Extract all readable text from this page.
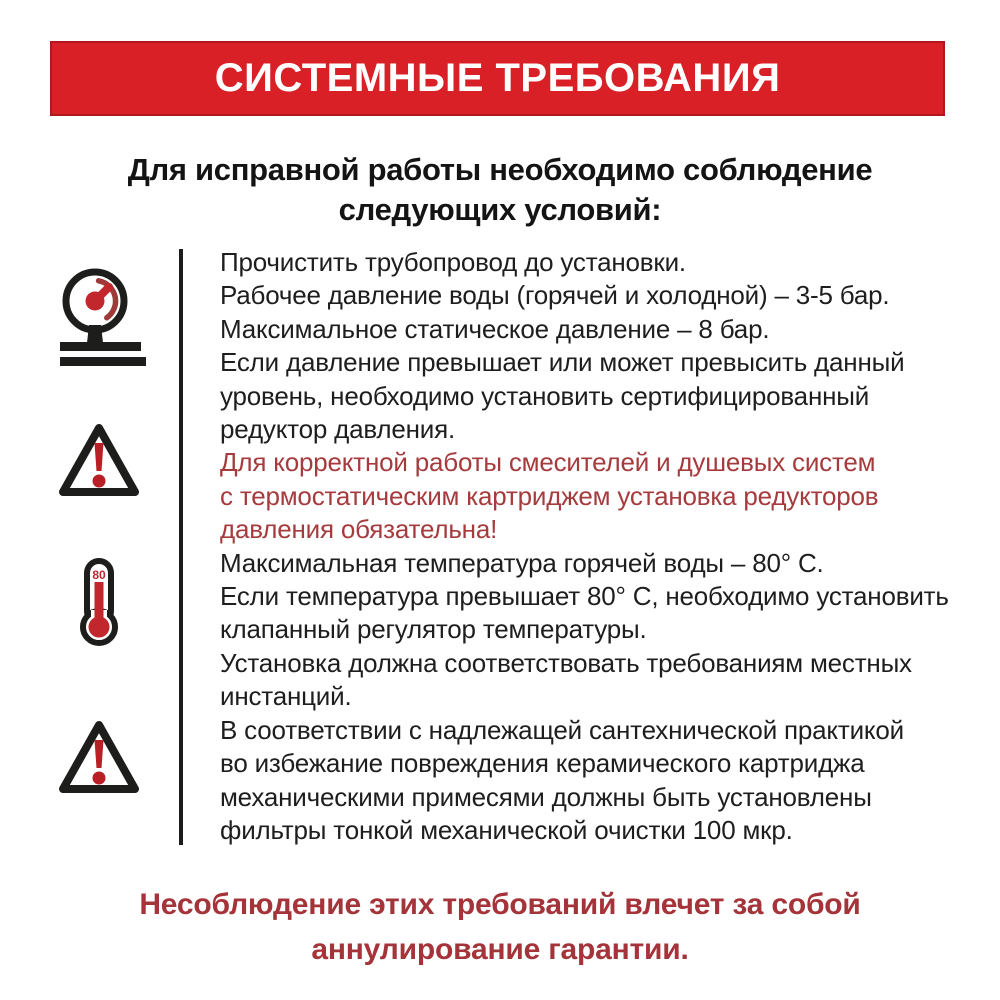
СИСТЕМНЫЕ ТРЕБОВАНИЯ
Для исправной работы необходимо соблюдение
следующих условий:
80
Прочистить трубопровод до установки.
Рабочее давление воды (горячей и холодной) – 3-5 бар.
Максимальное статическое давление – 8 бар.
Если давление превышает или может превысить данный
уровень, необходимо установить сертифицированный
редуктор давления.
Для корректной работы смесителей и душевых систем
с термостатическим картриджем установка редукторов
давления обязательна!
Максимальная температура горячей воды – 80° С.
Если температура превышает 80° С, необходимо установить
клапанный регулятор температуры.
Установка должна соответствовать требованиям местных
инстанций.
В соответствии с надлежащей сантехнической практикой
во избежание повреждения керамического картриджа
механическими примесями должны быть установлены
фильтры тонкой механической очистки 100 мкр.
Несоблюдение этих требований влечет за собой
аннулирование гарантии.
